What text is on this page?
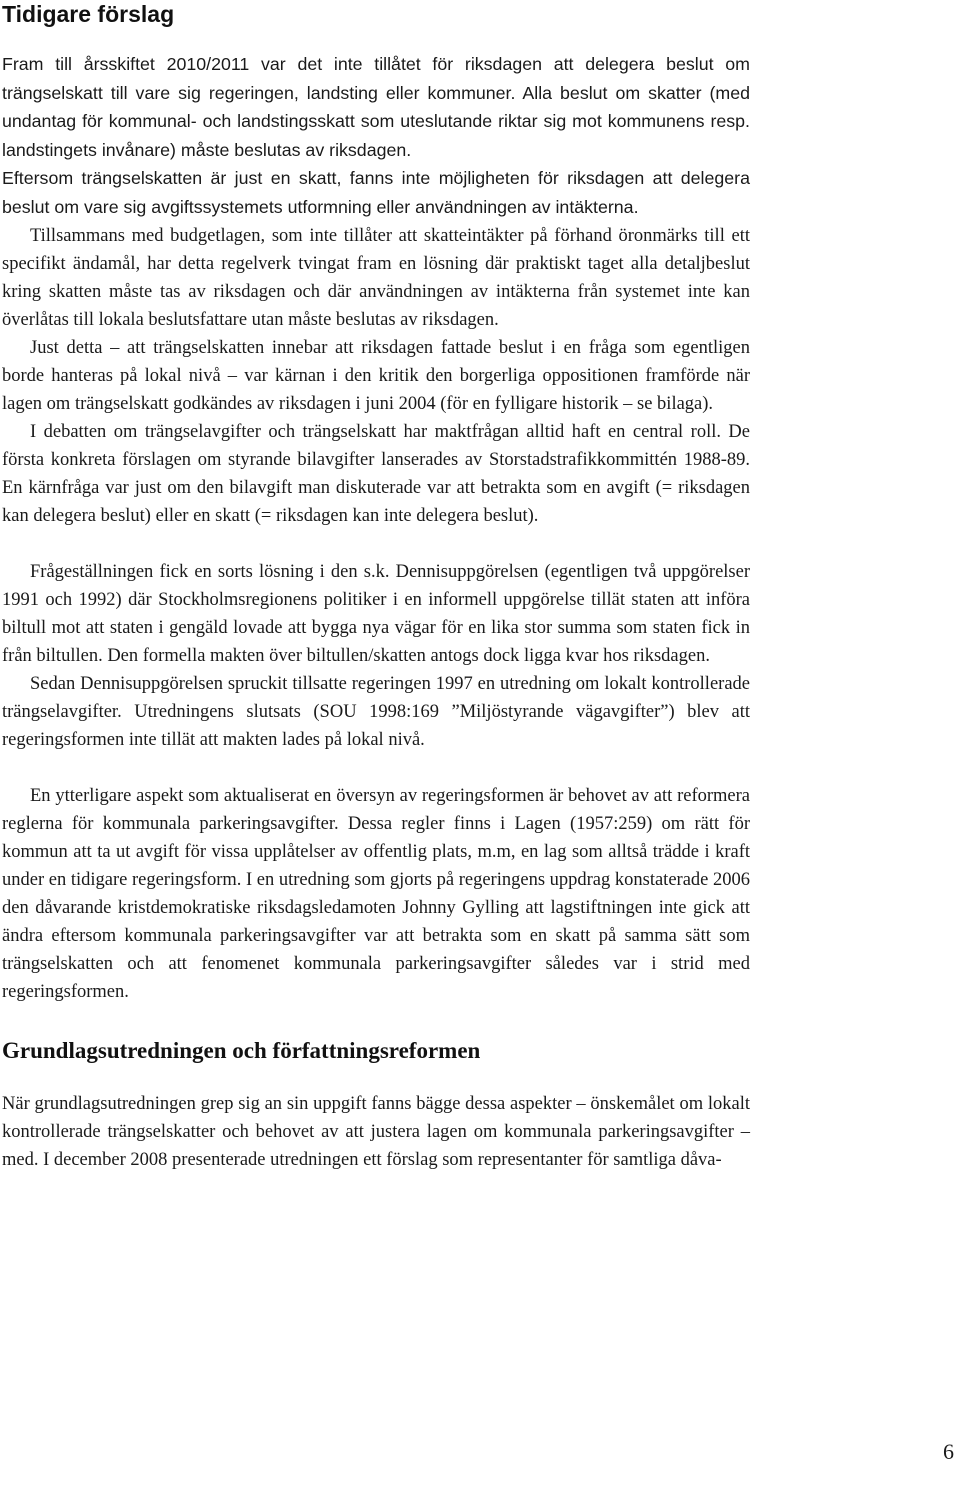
Tidigare förslag

Fram till årsskiftet 2010/2011 var det inte tillåtet för riksdagen att delegera beslut om trängselskatt till vare sig regeringen, landsting eller kommuner. Alla beslut om skatter (med undantag för kommunal- och landstingsskatt som uteslutande riktar sig mot kommunens resp. landstingets invånare) måste beslutas av riksdagen.

Eftersom trängselskatten är just en skatt, fanns inte möjligheten för riksdagen att delegera beslut om vare sig avgiftssystemets utformning eller användningen av intäkterna.

Tillsammans med budgetlagen, som inte tillåter att skatteintäkter på förhand öronmärks till ett specifikt ändamål, har detta regelverk tvingat fram en lösning där praktiskt taget alla detaljbeslut kring skatten måste tas av riksdagen och där användningen av intäkterna från systemet inte kan överlåtas till lokala beslutsfattare utan måste beslutas av riksdagen.

Just detta – att trängselskatten innebar att riksdagen fattade beslut i en fråga som egentligen borde hanteras på lokal nivå – var kärnan i den kritik den borgerliga oppositionen framförde när lagen om trängselskatt godkändes av riksdagen i juni 2004 (för en fylligare historik – se bilaga).

I debatten om trängselavgifter och trängselskatt har maktfrågan alltid haft en central roll. De första konkreta förslagen om styrande bilavgifter lanserades av Storstadstrafikkommittén 1988-89. En kärnfråga var just om den bilavgift man diskuterade var att betrakta som en avgift (= riksdagen kan delegera beslut) eller en skatt (= riksdagen kan inte delegera beslut).

Frågeställningen fick en sorts lösning i den s.k. Dennisuppgörelsen (egentligen två uppgörelser 1991 och 1992) där Stockholmsregionens politiker i en informell uppgörelse tillät staten att införa biltull mot att staten i gengäld lovade att bygga nya vägar för en lika stor summa som staten fick in från biltullen. Den formella makten över biltullen/skatten antogs dock ligga kvar hos riksdagen.

Sedan Dennisuppgörelsen spruckit tillsatte regeringen 1997 en utredning om lokalt kontrollerade trängselavgifter. Utredningens slutsats (SOU 1998:169 ”Miljöstyrande vägavgifter”) blev att regeringsformen inte tillät att makten lades på lokal nivå.

En ytterligare aspekt som aktualiserat en översyn av regeringsformen är behovet av att reformera reglerna för kommunala parkeringsavgifter. Dessa regler finns i Lagen (1957:259) om rätt för kommun att ta ut avgift för vissa upplåtelser av offentlig plats, m.m, en lag som alltså trädde i kraft under en tidigare regeringsform. I en utredning som gjorts på regeringens uppdrag konstaterade 2006 den dåvarande kristdemokratiske riksdagsledamoten Johnny Gylling att lagstiftningen inte gick att ändra eftersom kommunala parkeringsavgifter var att betrakta som en skatt på samma sätt som trängselskatten och att fenomenet kommunala parkeringsavgifter således var i strid med regeringsformen.

Grundlagsutredningen och författningsreformen

När grundlagsutredningen grep sig an sin uppgift fanns bägge dessa aspekter – önskemålet om lokalt kontrollerade trängselskatter och behovet av att justera lagen om kommunala parkeringsavgifter – med. I december 2008 presenterade utredningen ett förslag som representanter för samtliga dåva-

6
